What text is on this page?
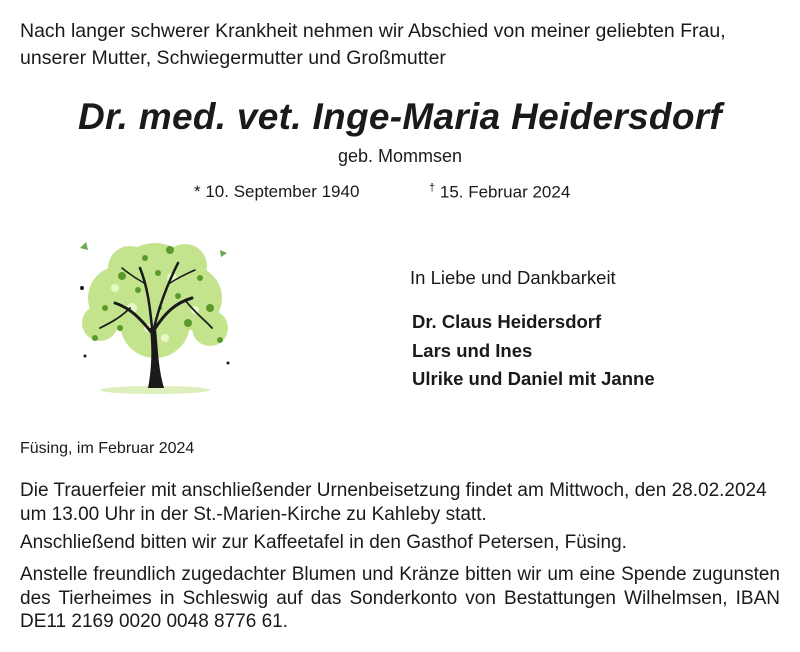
Nach langer schwerer Krankheit nehmen wir Abschied von meiner geliebten Frau, unserer Mutter, Schwiegermutter und Großmutter
Dr. med. vet. Inge-Maria Heidersdorf
geb. Mommsen
* 10. September 1940	† 15. Februar 2024
In Liebe und Dankbarkeit
Dr. Claus Heidersdorf
Lars und Ines
Ulrike und Daniel mit Janne
Füsing, im Februar 2024
Die Trauerfeier mit anschließender Urnenbeisetzung findet am Mittwoch, den 28.02.2024 um 13.00 Uhr in der St.-Marien-Kirche zu Kahleby statt.
Anschließend bitten wir zur Kaffeetafel in den Gasthof Petersen, Füsing.
Anstelle freundlich zugedachter Blumen und Kränze bitten wir um eine Spende zugunsten des Tierheimes in Schleswig auf das Sonderkonto von Bestattungen Wilhelmsen, IBAN DE11 2169 0020 0048 8776 61.
